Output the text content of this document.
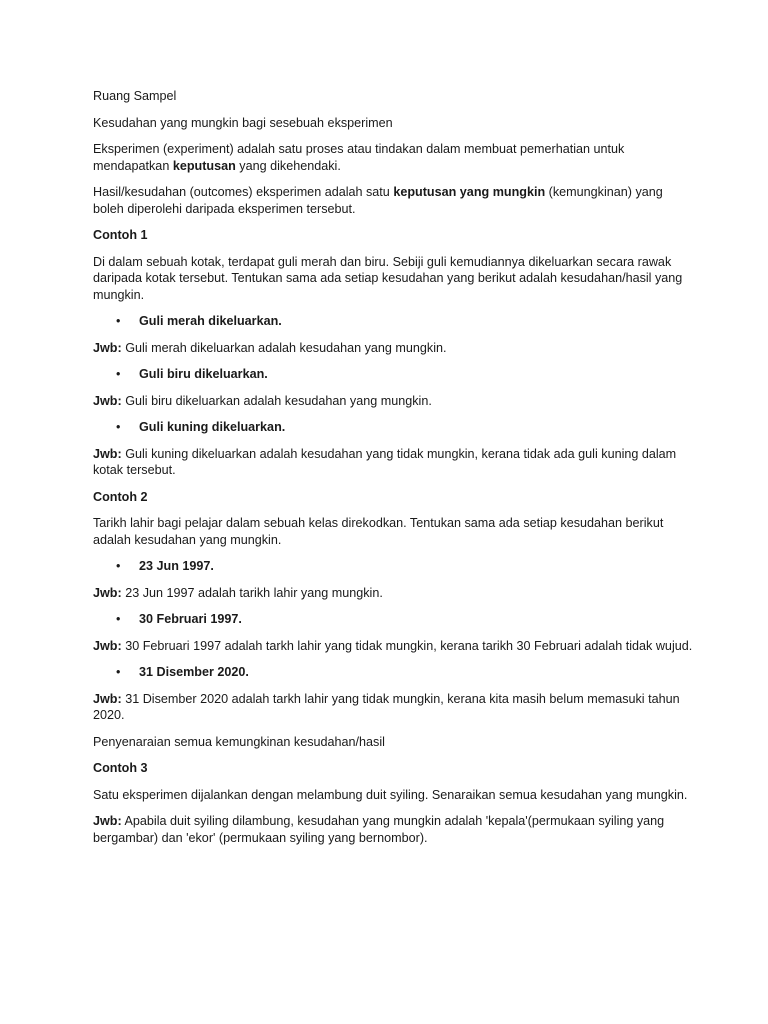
Ruang Sampel

Kesudahan yang mungkin bagi sesebuah eksperimen

Eksperimen (experiment) adalah satu proses atau tindakan dalam membuat pemerhatian untuk mendapatkan keputusan yang dikehendaki.

Hasil/kesudahan (outcomes) eksperimen adalah satu keputusan yang mungkin (kemungkinan) yang boleh diperolehi daripada eksperimen tersebut.

Contoh 1

Di dalam sebuah kotak, terdapat guli merah dan biru. Sebiji guli kemudiannya dikeluarkan secara rawak daripada kotak tersebut. Tentukan sama ada setiap kesudahan yang berikut adalah kesudahan/hasil yang mungkin.

• Guli merah dikeluarkan.

Jwb: Guli merah dikeluarkan adalah kesudahan yang mungkin.

• Guli biru dikeluarkan.

Jwb: Guli biru dikeluarkan adalah kesudahan yang mungkin.

• Guli kuning dikeluarkan.

Jwb: Guli kuning dikeluarkan adalah kesudahan yang tidak mungkin, kerana tidak ada guli kuning dalam kotak tersebut.

Contoh 2

Tarikh lahir bagi pelajar dalam sebuah kelas direkodkan. Tentukan sama ada setiap kesudahan berikut adalah kesudahan yang mungkin.

• 23 Jun 1997.

Jwb: 23 Jun 1997 adalah tarikh lahir yang mungkin.

• 30 Februari 1997.

Jwb: 30 Februari 1997 adalah tarkh lahir yang tidak mungkin, kerana tarikh 30 Februari adalah tidak wujud.

• 31 Disember 2020.

Jwb: 31 Disember 2020 adalah tarkh lahir yang tidak mungkin, kerana kita masih belum memasuki tahun 2020.

Penyenaraian semua kemungkinan kesudahan/hasil

Contoh 3

Satu eksperimen dijalankan dengan melambung duit syiling. Senaraikan semua kesudahan yang mungkin.

Jwb: Apabila duit syiling dilambung, kesudahan yang mungkin adalah 'kepala'(permukaan syiling yang bergambar) dan 'ekor' (permukaan syiling yang bernombor).
